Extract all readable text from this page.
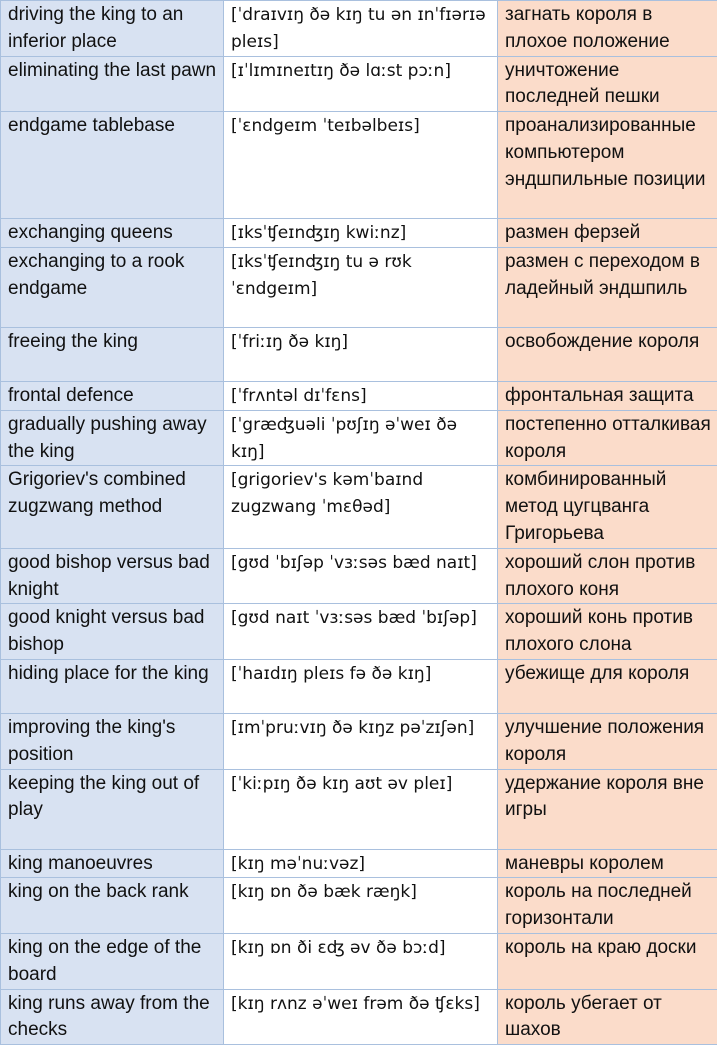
driving the king to an inferior place	[ˈdraɪvɪŋ ðə kɪŋ tu ən ɪnˈfɪərɪə pleɪs]	загнать короля в плохое положение
eliminating the last pawn	[ɪˈlɪmɪneɪtɪŋ ðə lɑːst pɔːn]	уничтожение последней пешки
endgame tablebase	[ˈɛndgeɪm ˈteɪbəlbeɪs]	проанализированные компьютером эндшпильные позиции
exchanging queens	[ɪksˈʧeɪnʤɪŋ kwiːnz]	размен ферзей
exchanging to a rook endgame	[ɪksˈʧeɪnʤɪŋ tu ə rʊk ˈɛndgeɪm]	размен с переходом в ладейный эндшпиль
freeing the king	[ˈfriːɪŋ ðə kɪŋ]	освобождение короля
frontal defence	[ˈfrʌntəl dɪˈfɛns]	фронтальная защита
gradually pushing away the king	[ˈgræʤuəli ˈpʊʃɪŋ əˈweɪ ðə kɪŋ]	постепенно отталкивая короля
Grigoriev's combined zugzwang method	[grigoriev's kəmˈbaɪnd zugzwang ˈmɛθəd]	комбинированный метод цугцванга Григорьева
good bishop versus bad knight	[gʊd ˈbɪʃəp ˈvɜːsəs bæd naɪt]	хороший слон против плохого коня
good knight versus bad bishop	[gʊd naɪt ˈvɜːsəs bæd ˈbɪʃəp]	хороший конь против плохого слона
hiding place for the king	[ˈhaɪdɪŋ pleɪs fə ðə kɪŋ]	убежище для короля
improving the king's position	[ɪmˈpruːvɪŋ ðə kɪŋz pəˈzɪʃən]	улучшение положения короля
keeping the king out of play	[ˈkiːpɪŋ ðə kɪŋ aʊt əv pleɪ]	удержание короля вне игры
king manoeuvres	[kɪŋ məˈnuːvəz]	маневры королем
king on the back rank	[kɪŋ ɒn ðə bæk ræŋk]	король на последней горизонтали
king on the edge of the board	[kɪŋ ɒn ði ɛʤ əv ðə bɔːd]	король на краю доски
king runs away from the checks	[kɪŋ rʌnz əˈweɪ frəm ðə ʧɛks]	король убегает от шахов
